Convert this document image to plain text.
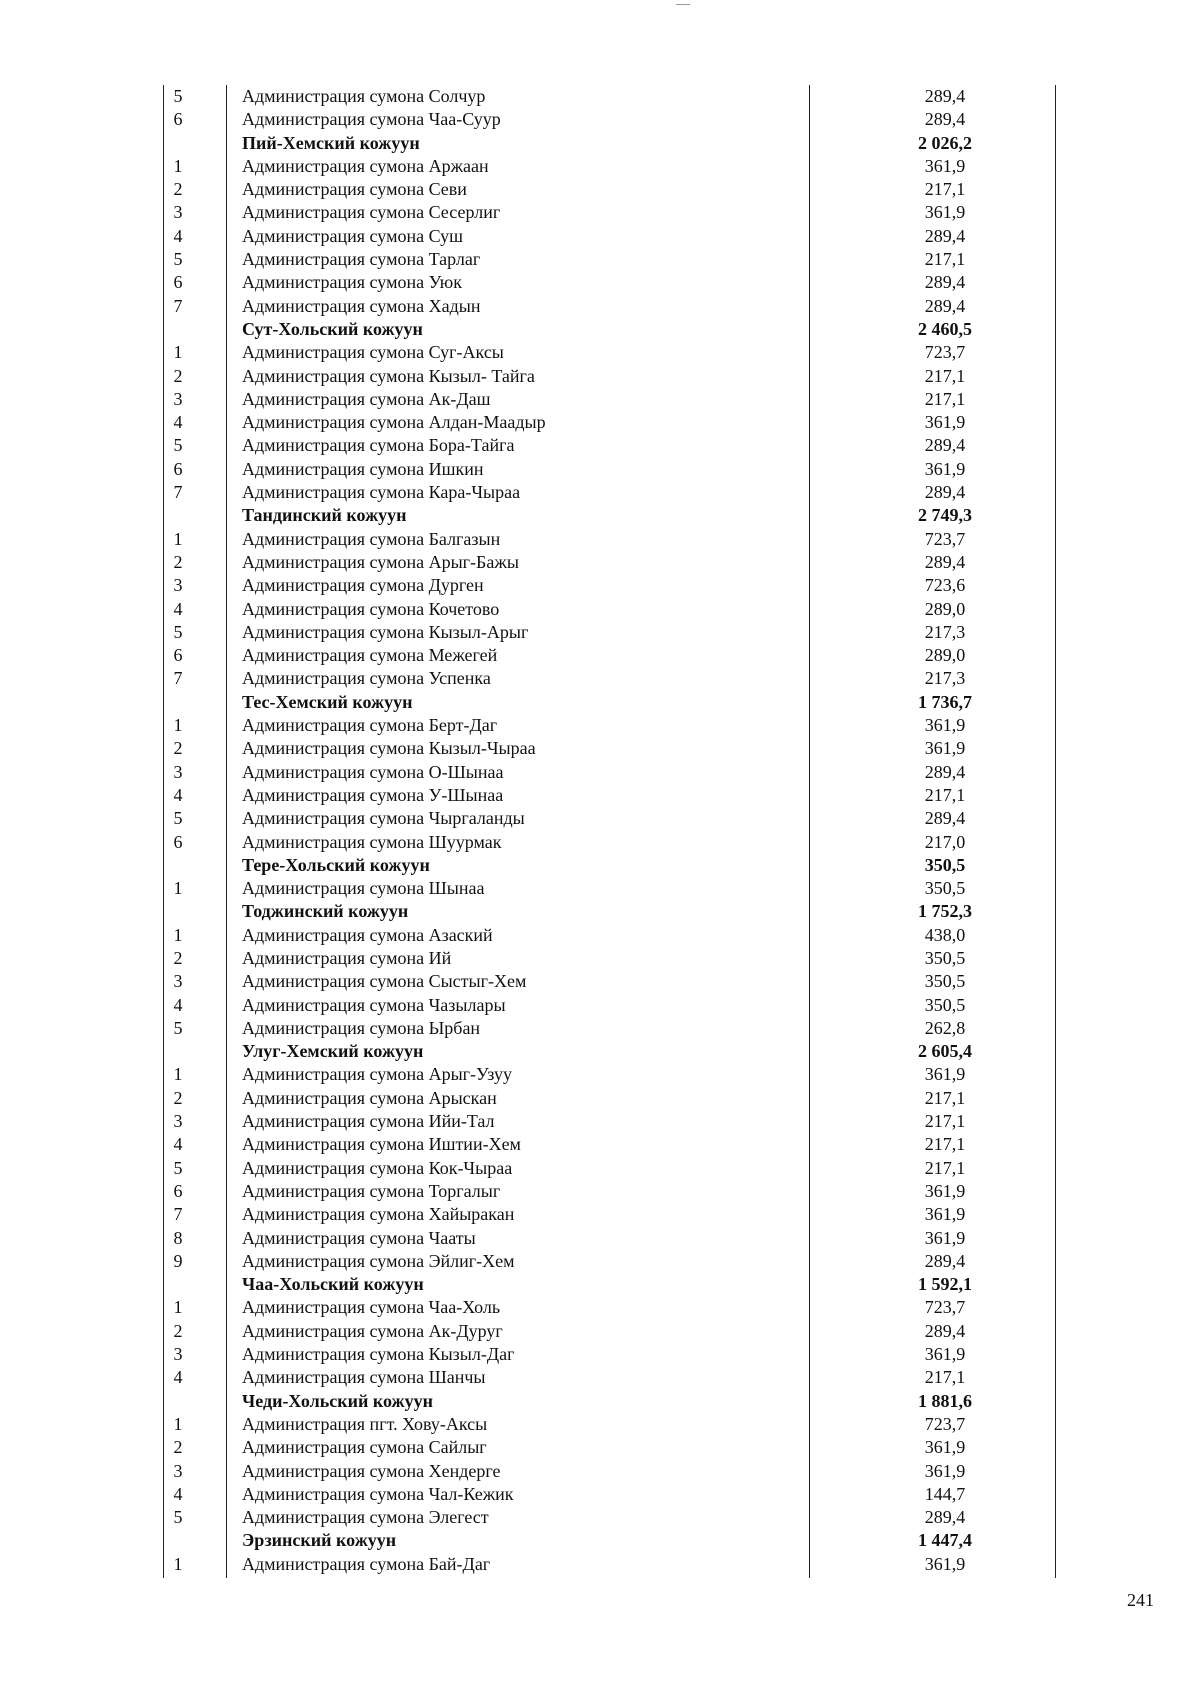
5	Администрация сумона Солчур	289,4
6	Администрация сумона Чаа-Суур	289,4
Пий-Хемский кожуун	2 026,2
1	Администрация сумона Аржаан	361,9
2	Администрация сумона Севи	217,1
3	Администрация сумона Сесерлиг	361,9
4	Администрация сумона Суш	289,4
5	Администрация сумона Тарлаг	217,1
6	Администрация сумона Уюк	289,4
7	Администрация сумона Хадын	289,4
Сут-Хольский кожуун	2 460,5
1	Администрация сумона Суг-Аксы	723,7
2	Администрация сумона Кызыл- Тайга	217,1
3	Администрация сумона Ак-Даш	217,1
4	Администрация сумона Алдан-Маадыр	361,9
5	Администрация сумона Бора-Тайга	289,4
6	Администрация сумона Ишкин	361,9
7	Администрация сумона Кара-Чыраа	289,4
Тандинский кожуун	2 749,3
1	Администрация сумона Балгазын	723,7
2	Администрация сумона Арыг-Бажы	289,4
3	Администрация сумона Дурген	723,6
4	Администрация сумона Кочетово	289,0
5	Администрация сумона Кызыл-Арыг	217,3
6	Администрация сумона Межегей	289,0
7	Администрация сумона Успенка	217,3
Тес-Хемский кожуун	1 736,7
1	Администрация сумона Берт-Даг	361,9
2	Администрация сумона Кызыл-Чыраа	361,9
3	Администрация сумона О-Шынаа	289,4
4	Администрация сумона У-Шынаа	217,1
5	Администрация сумона Чыргаланды	289,4
6	Администрация сумона Шуурмак	217,0
Тере-Хольский кожуун	350,5
1	Администрация сумона Шынаа	350,5
Тоджинский кожуун	1 752,3
1	Администрация сумона Азаский	438,0
2	Администрация сумона Ий	350,5
3	Администрация сумона Сыстыг-Хем	350,5
4	Администрация сумона Чазылары	350,5
5	Администрация сумона Ырбан	262,8
Улуг-Хемский кожуун	2 605,4
1	Администрация сумона Арыг-Узуу	361,9
2	Администрация сумона Арыскан	217,1
3	Администрация сумона Ийи-Тал	217,1
4	Администрация сумона Иштии-Хем	217,1
5	Администрация сумона Кок-Чыраа	217,1
6	Администрация сумона Торгалыг	361,9
7	Администрация сумона Хайыракан	361,9
8	Администрация сумона Чааты	361,9
9	Администрация сумона Эйлиг-Хем	289,4
Чаа-Хольский кожуун	1 592,1
1	Администрация сумона Чаа-Холь	723,7
2	Администрация сумона Ак-Дуруг	289,4
3	Администрация сумона Кызыл-Даг	361,9
4	Администрация сумона Шанчы	217,1
Чеди-Хольский кожуун	1 881,6
1	Администрация пгт. Хову-Аксы	723,7
2	Администрация сумона Сайлыг	361,9
3	Администрация сумона Хендерге	361,9
4	Администрация сумона Чал-Кежик	144,7
5	Администрация сумона Элегест	289,4
Эрзинский кожуун	1 447,4
1	Администрация сумона Бай-Даг	361,9
241
